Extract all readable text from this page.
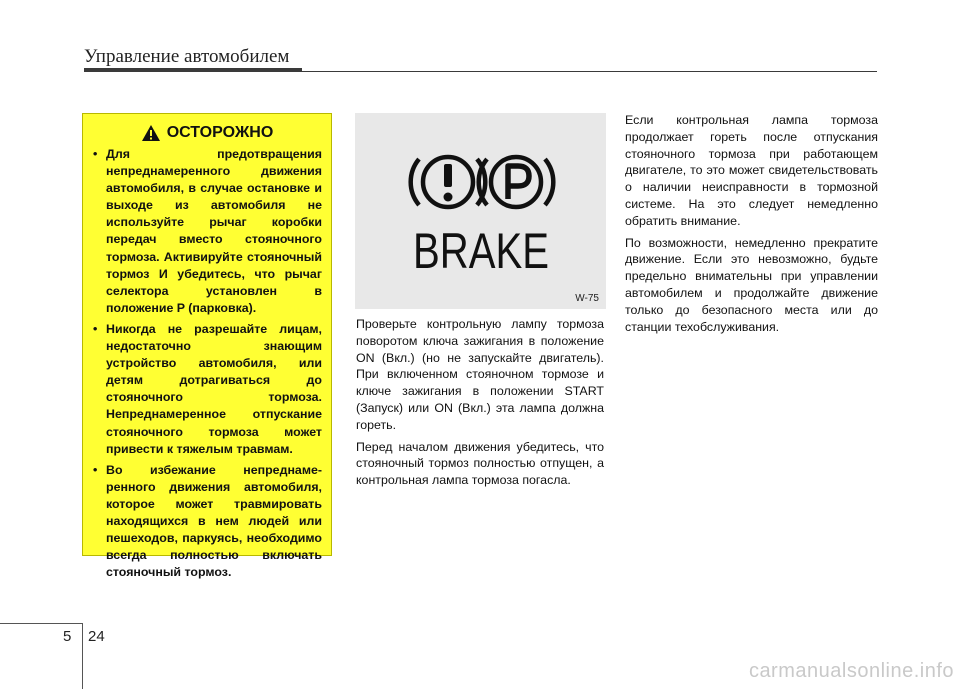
Управление автомобилем
ОСТОРОЖНО
• Для предотвращения непреднамеренного движения автомобиля, в случае остановке и выходе из автомобиля не используйте рычаг коробки передач вместо стояночного тормоза. Активируйте стояночный тормоз И убедитесь, что рычаг селектора установлен в положение P (парковка).
• Никогда не разрешайте лицам, недостаточно знающим устройство автомобиля, или детям дотрагиваться до стояночного тормоза. Непреднамеренное отпускание стояночного тормоза может привести к тяжелым травмам.
• Во избежание непреднаме-ренного движения автомобиля, которое может травмировать находящихся в нем людей или пешеходов, паркуясь, необходимо всегда полностью включать стояночный тормоз.
BRAKE
W-75

Проверьте контрольную лампу тормоза поворотом ключа зажигания в положение ON (Вкл.) (но не запускайте двигатель). При включенном стояночном тормозе и ключе зажигания в положении START (Запуск) или ON (Вкл.) эта лампа должна гореть.

Перед началом движения убедитесь, что стояночный тормоз полностью отпущен, а контрольная лампа тормоза погасла.

Если контрольная лампа тормоза продолжает гореть после отпускания стояночного тормоза при работающем двигателе, то это может свидетельствовать о наличии неисправности в тормозной системе. На это следует немедленно обратить внимание.

По возможности, немедленно прекратите движение. Если это невозможно, будьте предельно внимательны при управлении автомобилем и продолжайте движение только до безопасного места или до станции техобслуживания.

5 24
carmanualsonline.info
